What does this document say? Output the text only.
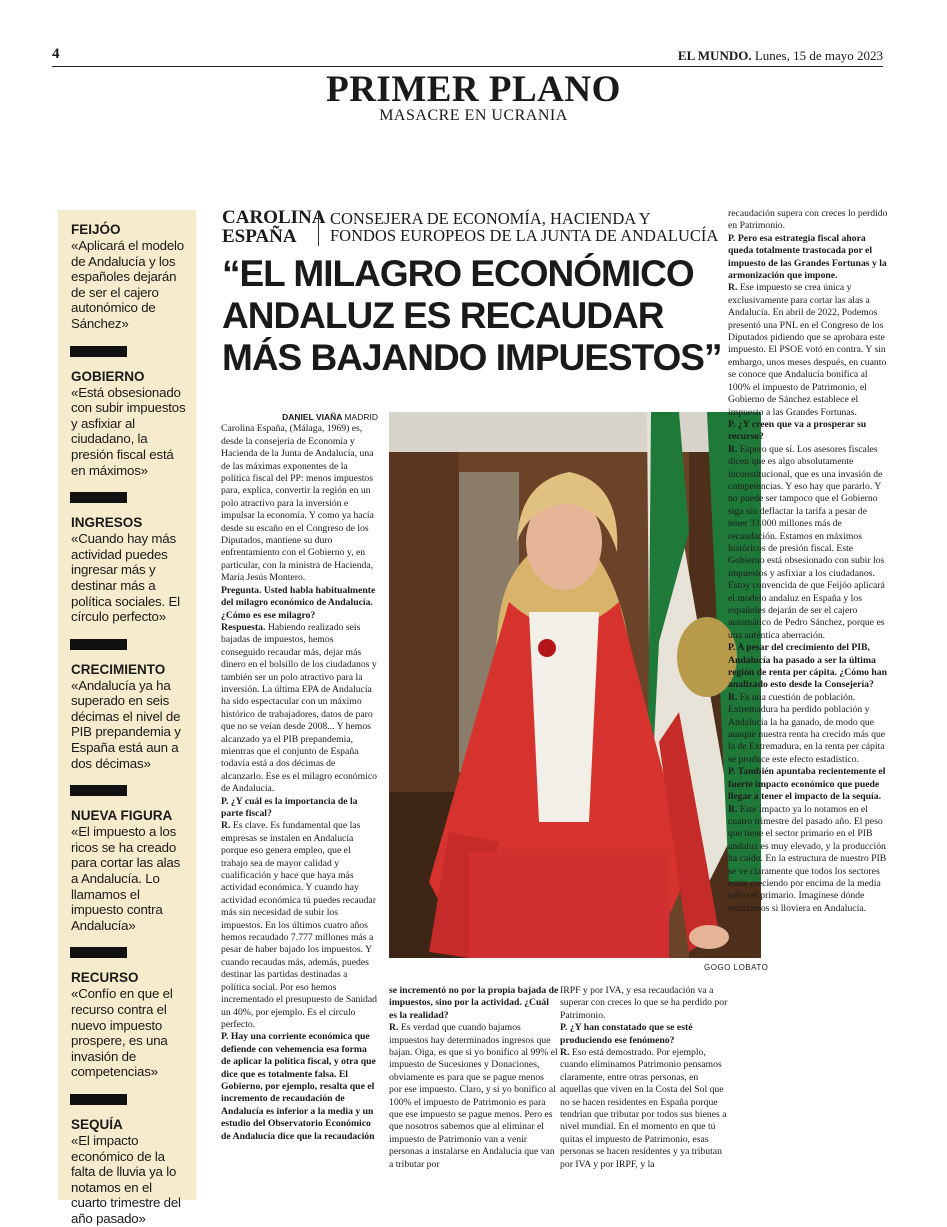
4	EL MUNDO. Lunes, 15 de mayo 2023
PRIMER PLANO
MASACRE EN UCRANIA
FEIJÓO
«Aplicará el modelo de Andalucía y los españoles dejarán de ser el cajero autonómico de Sánchez»
GOBIERNO
«Está obsesionado con subir impuestos y asfixiar al ciudadano, la presión fiscal está en máximos»
INGRESOS
«Cuando hay más actividad puedes ingresar más y destinar más a política sociales. El círculo perfecto»
CRECIMIENTO
«Andalucía ya ha superado en seis décimas el nivel de PIB prepandemia y España está aun a dos décimas»
NUEVA FIGURA
«El impuesto a los ricos se ha creado para cortar las alas a Andalucía. Lo llamamos el impuesto contra Andalucía»
RECURSO
«Confío en que el recurso contra el nuevo impuesto prospere, es una invasión de competencias»
SEQUÍA
«El impacto económico de la falta de lluvia ya lo notamos en el cuarto trimestre del año pasado»
CAROLINA
ESPAÑA
CONSEJERA DE ECONOMÍA, HACIENDA Y FONDOS EUROPEOS DE LA JUNTA DE ANDALUCÍA
“EL MILAGRO ECONÓMICO ANDALUZ ES RECAUDAR MÁS BAJANDO IMPUESTOS”
GOGO LOBATO
DANIEL VIAÑA MADRID
Carolina España, (Málaga, 1969) es, desde la consejería de Economía y Hacienda de la Junta de Andalucía, una de las máximas exponentes de la política fiscal del PP: menos impuestos para, explica, convertir la región en un polo atractivo para la inversión e impulsar la economía. Y como ya hacía desde su escaño en el Congreso de los Diputados, mantiene su duro enfrentamiento con el Gobierno y, en particular, con la ministra de Hacienda, María Jesús Montero.
Pregunta. Usted habla habitualmente del milagro económico de Andalucía. ¿Cómo es ese milagro?
Respuesta. Habiendo realizado seis bajadas de impuestos, hemos conseguido recaudar más, dejar más dinero en el bolsillo de los ciudadanos y también ser un polo atractivo para la inversión. La última EPA de Andalucía ha sido espectacular con un máximo histórico de trabajadores, datos de paro que no se veían desde 2008... Y hemos alcanzado ya el PIB prepandemia, mientras que el conjunto de España todavía está a dos décimas de alcanzarlo. Ese es el milagro económico de Andalucía.
P. ¿Y cuál es la importancia de la parte fiscal?
R. Es clave. Es fundamental que las empresas se instalen en Andalucía porque eso genera empleo, que el trabajo sea de mayor calidad y cualificación y hace que haya más actividad económica. Y cuando hay actividad económica tú puedes recaudar más sin necesidad de subir los impuestos. En los últimos cuatro años hemos recaudado 7.777 millones más a pesar de haber bajado los impuestos. Y cuando recaudas más, además, puedes destinar las partidas destinadas a política social. Por eso hemos incrementado el presupuesto de Sanidad un 40%, por ejemplo. Es el círculo perfecto.
P. Hay una corriente económica que defiende con vehemencia esa forma de aplicar la política fiscal, y otra que dice que es totalmente falsa. El Gobierno, por ejemplo, resalta que el incremento de recaudación de Andalucía es inferior a la media y un estudio del Observatorio Económico de Andalucía dice que la recaudación
se incrementó no por la propia bajada de impuestos, sino por la actividad. ¿Cuál es la realidad?
R. Es verdad que cuando bajamos impuestos hay determinados ingresos que bajan. Oiga, es que si yo bonifico al 99% el impuesto de Sucesiones y Donaciones, obviamente es para que se pague menos por ese impuesto. Claro, y si yo bonifico al 100% el impuesto de Patrimonio es para que ese impuesto se pague menos. Pero es que nosotros sabemos que al eliminar el impuesto de Patrimonio van a venir personas a instalarse en Andalucía que van a tributar por
IRPF y por IVA, y esa recaudación va a superar con creces lo que se ha perdido por Patrimonio.
P. ¿Y han constatado que se esté produciendo ese fenómeno?
R. Eso está demostrado. Por ejemplo, cuando eliminamos Patrimonio pensamos claramente, entre otras personas, en aquellas que viven en la Costa del Sol que no se hacen residentes en España porque tendrían que tributar por todos sus bienes a nivel mundial. En el momento en que tú quitas el impuesto de Patrimonio, esas personas se hacen residentes y ya tributan por IVA y por IRPF, y la
recaudación supera con creces lo perdido en Patrimonio.
P. Pero esa estrategia fiscal ahora queda totalmente trastocada por el impuesto de las Grandes Fortunas y la armonización que impone.
R. Ese impuesto se crea única y exclusivamente para cortar las alas a Andalucía. En abril de 2022, Podemos presentó una PNL en el Congreso de los Diputados pidiendo que se aprobara este impuesto. El PSOE votó en contra. Y sin embargo, unos meses después, en cuanto se conoce que Andalucía bonifica al 100% el impuesto de Patrimonio, el Gobierno de Sánchez establece el impuesto a las Grandes Fortunas.
P. ¿Y creen que va a prosperar su recurso?
R. Espero que sí. Los asesores fiscales dicen que es algo absolutamente inconstitucional, que es una invasión de competencias. Y eso hay que pararlo. Y no puede ser tampoco que el Gobierno siga sin deflactar la tarifa a pesar de tener 33.000 millones más de recaudación. Estamos en máximos históricos de presión fiscal. Este Gobierno está obsesionado con subir los impuestos y asfixiar a los ciudadanos. Estoy convencida de que Feijóo aplicará el modelo andaluz en España y los españoles dejarán de ser el cajero automático de Pedro Sánchez, porque es una auténtica aberración.
P. A pesar del crecimiento del PIB, Andalucía ha pasado a ser la última región de renta per cápita. ¿Cómo han analizado esto desde la Consejería?
R. Es una cuestión de población. Extremadura ha perdido población y Andalucía la ha ganado, de modo que aunque nuestra renta ha crecido más que la de Extremadura, en la renta per cápita se produce este efecto estadístico.
P. También apuntaba recientemente el fuerte impacto económico que puede llegar a tener el impacto de la sequía.
R. Este impacto ya lo notamos en el cuatro trimestre del pasado año. El peso que tiene el sector primario en el PIB andaluz es muy elevado, y la producción ha caído. En la estructura de nuestro PIB se ve claramente que todos los sectores están creciendo por encima de la media salvo el primario. Imagínese dónde estaríamos si lloviera en Andalucía.
